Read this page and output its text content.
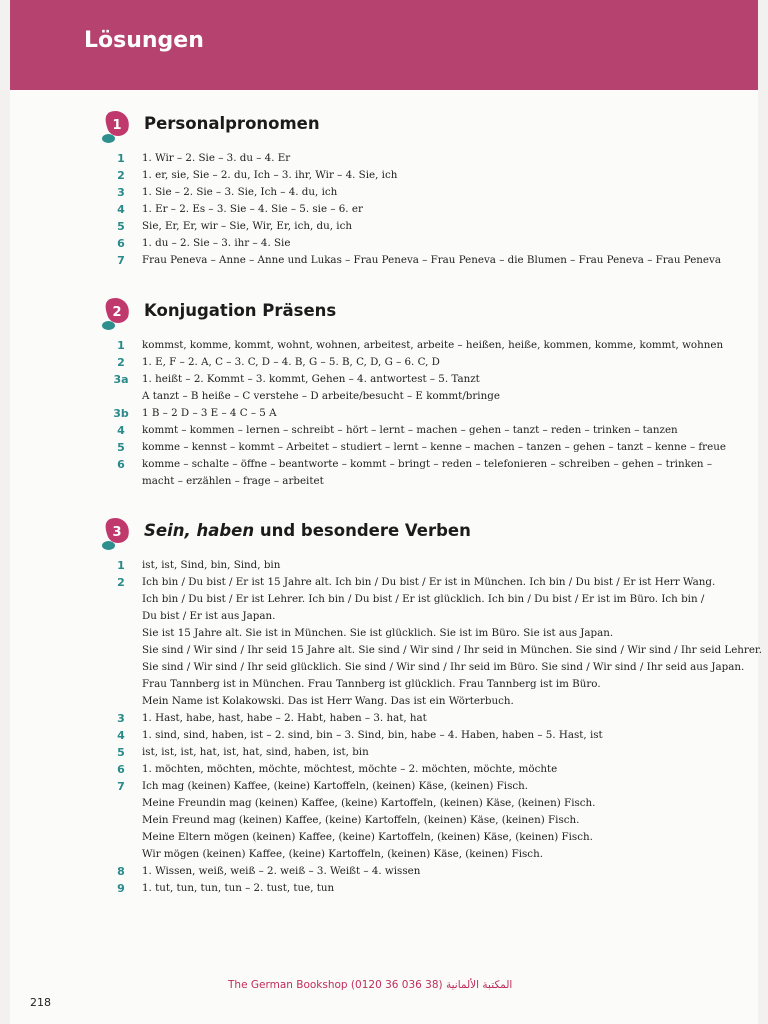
Lösungen
1 Personalpronomen
1	1. Wir – 2. Sie – 3. du – 4. Er
2	1. er, sie, Sie – 2. du, Ich – 3. ihr, Wir – 4. Sie, ich
3	1. Sie – 2. Sie – 3. Sie, Ich – 4. du, ich
4	1. Er – 2. Es – 3. Sie – 4. Sie – 5. sie – 6. er
5	Sie, Er, Er, wir – Sie, Wir, Er, ich, du, ich
6	1. du – 2. Sie – 3. ihr – 4. Sie
7	Frau Peneva – Anne – Anne und Lukas – Frau Peneva – Frau Peneva – die Blumen – Frau Peneva – Frau Peneva
2 Konjugation Präsens
1	kommst, komme, kommt, wohnt, wohnen, arbeitest, arbeite – heißen, heiße, kommen, komme, kommt, wohnen
2	1. E, F – 2. A, C – 3. C, D – 4. B, G – 5. B, C, D, G – 6. C, D
3a	1. heißt – 2. Kommt – 3. kommt, Gehen – 4. antwortest – 5. Tanzt
A tanzt – B heiße – C verstehe – D arbeite/besucht – E kommt/bringe
3b	1 B – 2 D – 3 E – 4 C – 5 A
4	kommt – kommen – lernen – schreibt – hört – lernt – machen – gehen – tanzt – reden – trinken – tanzen
5	komme – kennst – kommt – Arbeitet – studiert – lernt – kenne – machen – tanzen – gehen – tanzt – kenne – freue
6	komme – schalte – öffne – beantworte – kommt – bringt – reden – telefonieren – schreiben – gehen – trinken –
macht – erzählen – frage – arbeitet
3 Sein, haben und besondere Verben
1	ist, ist, Sind, bin, Sind, bin
2	Ich bin / Du bist / Er ist 15 Jahre alt. Ich bin / Du bist / Er ist in München. Ich bin / Du bist / Er ist Herr Wang.
Ich bin / Du bist / Er ist Lehrer. Ich bin / Du bist / Er ist glücklich. Ich bin / Du bist / Er ist im Büro. Ich bin /
Du bist / Er ist aus Japan.
Sie ist 15 Jahre alt. Sie ist in München. Sie ist glücklich. Sie ist im Büro. Sie ist aus Japan.
Sie sind / Wir sind / Ihr seid 15 Jahre alt. Sie sind / Wir sind / Ihr seid in München. Sie sind / Wir sind / Ihr seid Lehrer.
Sie sind / Wir sind / Ihr seid glücklich. Sie sind / Wir sind / Ihr seid im Büro. Sie sind / Wir sind / Ihr seid aus Japan.
Frau Tannberg ist in München. Frau Tannberg ist glücklich. Frau Tannberg ist im Büro.
Mein Name ist Kolakowski. Das ist Herr Wang. Das ist ein Wörterbuch.
3	1. Hast, habe, hast, habe – 2. Habt, haben – 3. hat, hat
4	1. sind, sind, haben, ist – 2. sind, bin – 3. Sind, bin, habe – 4. Haben, haben – 5. Hast, ist
5	ist, ist, ist, hat, ist, hat, sind, haben, ist, bin
6	1. möchten, möchten, möchte, möchtest, möchte – 2. möchten, möchte, möchte
7	Ich mag (keinen) Kaffee, (keine) Kartoffeln, (keinen) Käse, (keinen) Fisch.
Meine Freundin mag (keinen) Kaffee, (keine) Kartoffeln, (keinen) Käse, (keinen) Fisch.
Mein Freund mag (keinen) Kaffee, (keine) Kartoffeln, (keinen) Käse, (keinen) Fisch.
Meine Eltern mögen (keinen) Kaffee, (keine) Kartoffeln, (keinen) Käse, (keinen) Fisch.
Wir mögen (keinen) Kaffee, (keine) Kartoffeln, (keinen) Käse, (keinen) Fisch.
8	1. Wissen, weiß, weiß – 2. weiß – 3. Weißt – 4. wissen
9	1. tut, tun, tun, tun – 2. tust, tue, tun
The German Bookshop (0120 36 036 38) المكتبة الألمانية
218
